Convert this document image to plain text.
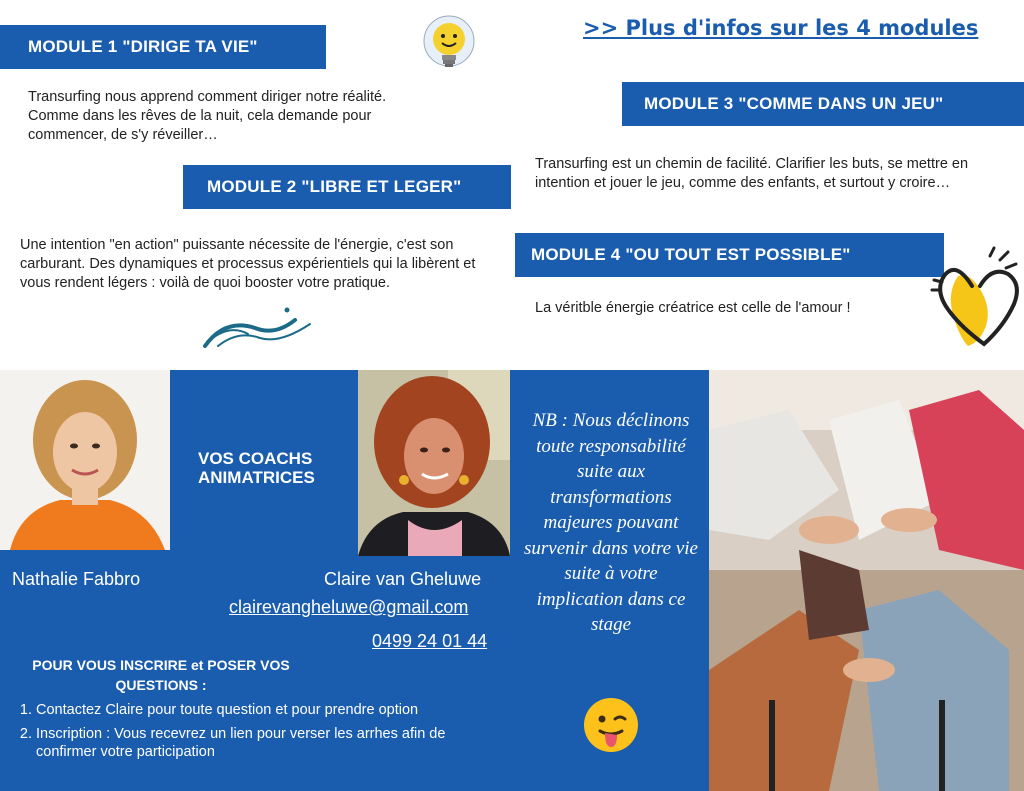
MODULE 1 "DIRIGE TA VIE"
Transurfing nous apprend comment diriger notre réalité. Comme dans les rêves de la nuit, cela demande pour commencer, de s'y réveiller…
>> Plus d'infos sur les 4 modules
MODULE 3 "COMME DANS UN JEU"
Transurfing est un chemin de facilité. Clarifier les buts, se mettre en intention et jouer le jeu, comme des enfants, et surtout y croire…
MODULE 2 "LIBRE ET LEGER"
Une intention "en action" puissante nécessite de l'énergie, c'est son carburant. Des dynamiques et processus expérientiels qui la libèrent et vous rendent légers : voilà de quoi booster votre pratique.
MODULE 4 "OU TOUT EST POSSIBLE"
La véritble énergie créatrice est celle de l'amour !
VOS COACHS
ANIMATRICES
Nathalie Fabbro	Claire van Gheluwe
clairevangheluwe@gmail.com
0499 24 01 44
POUR VOUS INSCRIRE et POSER VOS
QUESTIONS :
1. Contactez Claire pour toute question et pour prendre option
2. Inscription : Vous recevrez un lien pour verser les arrhes afin de confirmer votre participation
NB : Nous déclinons toute responsabilité suite aux transformations majeures pouvant survenir dans votre vie suite à votre implication dans ce stage
